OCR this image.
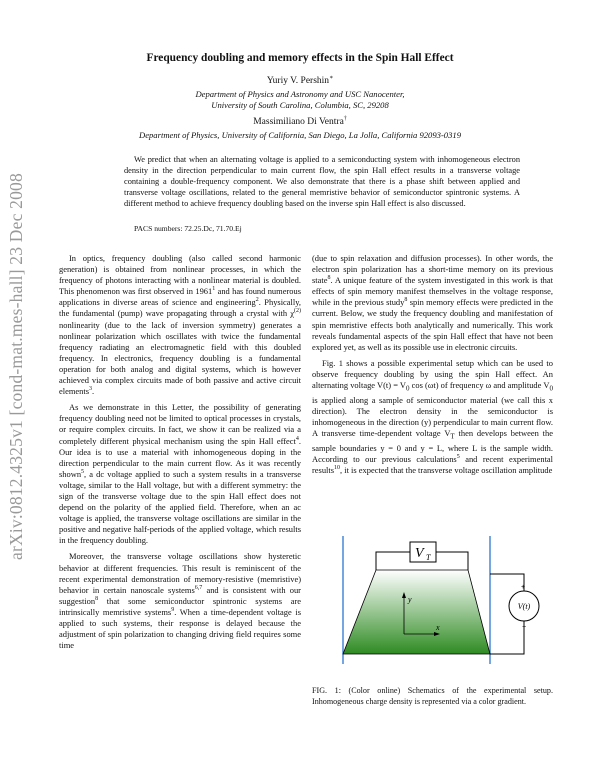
arXiv:0812.4325v1 [cond-mat.mes-hall] 23 Dec 2008
Frequency doubling and memory effects in the Spin Hall Effect
Yuriy V. Pershin∗
Department of Physics and Astronomy and USC Nanocenter,
University of South Carolina, Columbia, SC, 29208
Massimiliano Di Ventra†
Department of Physics, University of California, San Diego, La Jolla, California 92093-0319
We predict that when an alternating voltage is applied to a semiconducting system with inhomogeneous electron density in the direction perpendicular to main current flow, the spin Hall effect results in a transverse voltage containing a double-frequency component. We also demonstrate that there is a phase shift between applied and transverse voltage oscillations, related to the general memristive behavior of semiconductor spintronic systems. A different method to achieve frequency doubling based on the inverse spin Hall effect is also discussed.
PACS numbers: 72.25.Dc, 71.70.Ej

In optics, frequency doubling (also called second harmonic generation) is obtained from nonlinear processes, in which the frequency of photons interacting with a nonlinear material is doubled. This phenomenon was first observed in 1961$^1$ and has found numerous applications in diverse areas of science and engineering$^2$. Physically, the fundamental (pump) wave propagating through a crystal with $\chi^{(2)}$ nonlinearity (due to the lack of inversion symmetry) generates a nonlinear polarization which oscillates with twice the fundamental frequency radiating an electromagnetic field with this doubled frequency. In electronics, frequency doubling is a fundamental operation for both analog and digital systems, which is however achieved via complex circuits made of both passive and active circuit elements$^3$.

As we demonstrate in this Letter, the possibility of generating frequency doubling need not be limited to optical processes in crystals, or require complex circuits. In fact, we show it can be realized via a completely different physical mechanism using the spin Hall effect$^4$. Our idea is to use a material with inhomogeneous doping in the direction perpendicular to the main current flow. As it was recently shown$^5$, a dc voltage applied to such a system results in a transverse voltage, similar to the Hall voltage, but with a different symmetry: the sign of the transverse voltage due to the spin Hall effect does not depend on the polarity of the applied field. Therefore, when an ac voltage is applied, the transverse voltage oscillations are similar in the positive and negative half-periods of the applied voltage, which results in the frequency doubling.

Moreover, the transverse voltage oscillations show hysteretic behavior at different frequencies. This result is reminiscent of the recent experimental demonstration of memory-resistive (memristive) behavior in certain nanoscale systems$^{6,7}$ and is consistent with our suggestion$^8$ that some semiconductor spintronic systems are intrinsically memristive systems$^9$. When a time-dependent voltage is applied to such systems, their response is delayed because the adjustment of spin polarization to changing driving field requires some time

(due to spin relaxation and diffusion processes). In other words, the electron spin polarization has a short-time memory on its previous state$^8$. A unique feature of the system investigated in this work is that effects of spin memory manifest themselves in the voltage response, while in the previous study$^8$ spin memory effects were predicted in the current. Below, we study the frequency doubling and manifestation of spin memristive effects both analytically and numerically. This work reveals fundamental aspects of the spin Hall effect that have not been explored yet, as well as its possible use in electronic circuits.

Fig. 1 shows a possible experimental setup which can be used to observe frequency doubling by using the spin Hall effect. An alternating voltage $V(t) = V_0$ cos (ωt) of frequency ω and amplitude $V_0$ is applied along a sample of semiconductor material (we call this x direction). The electron density in the semiconductor is inhomogeneous in the direction (y) perpendicular to main current flow. A transverse time-dependent voltage $V_T$ then develops between the sample boundaries y = 0 and y = L, where L is the sample width. According to our previous calculations$^5$ and recent experimental results$^{10}$, it is expected that the transverse voltage oscillation amplitude

V T
y
x
V(t)
+
−
FIG. 1: (Color online) Schematics of the experimental setup. Inhomogeneous charge density is represented via a color gradient.
